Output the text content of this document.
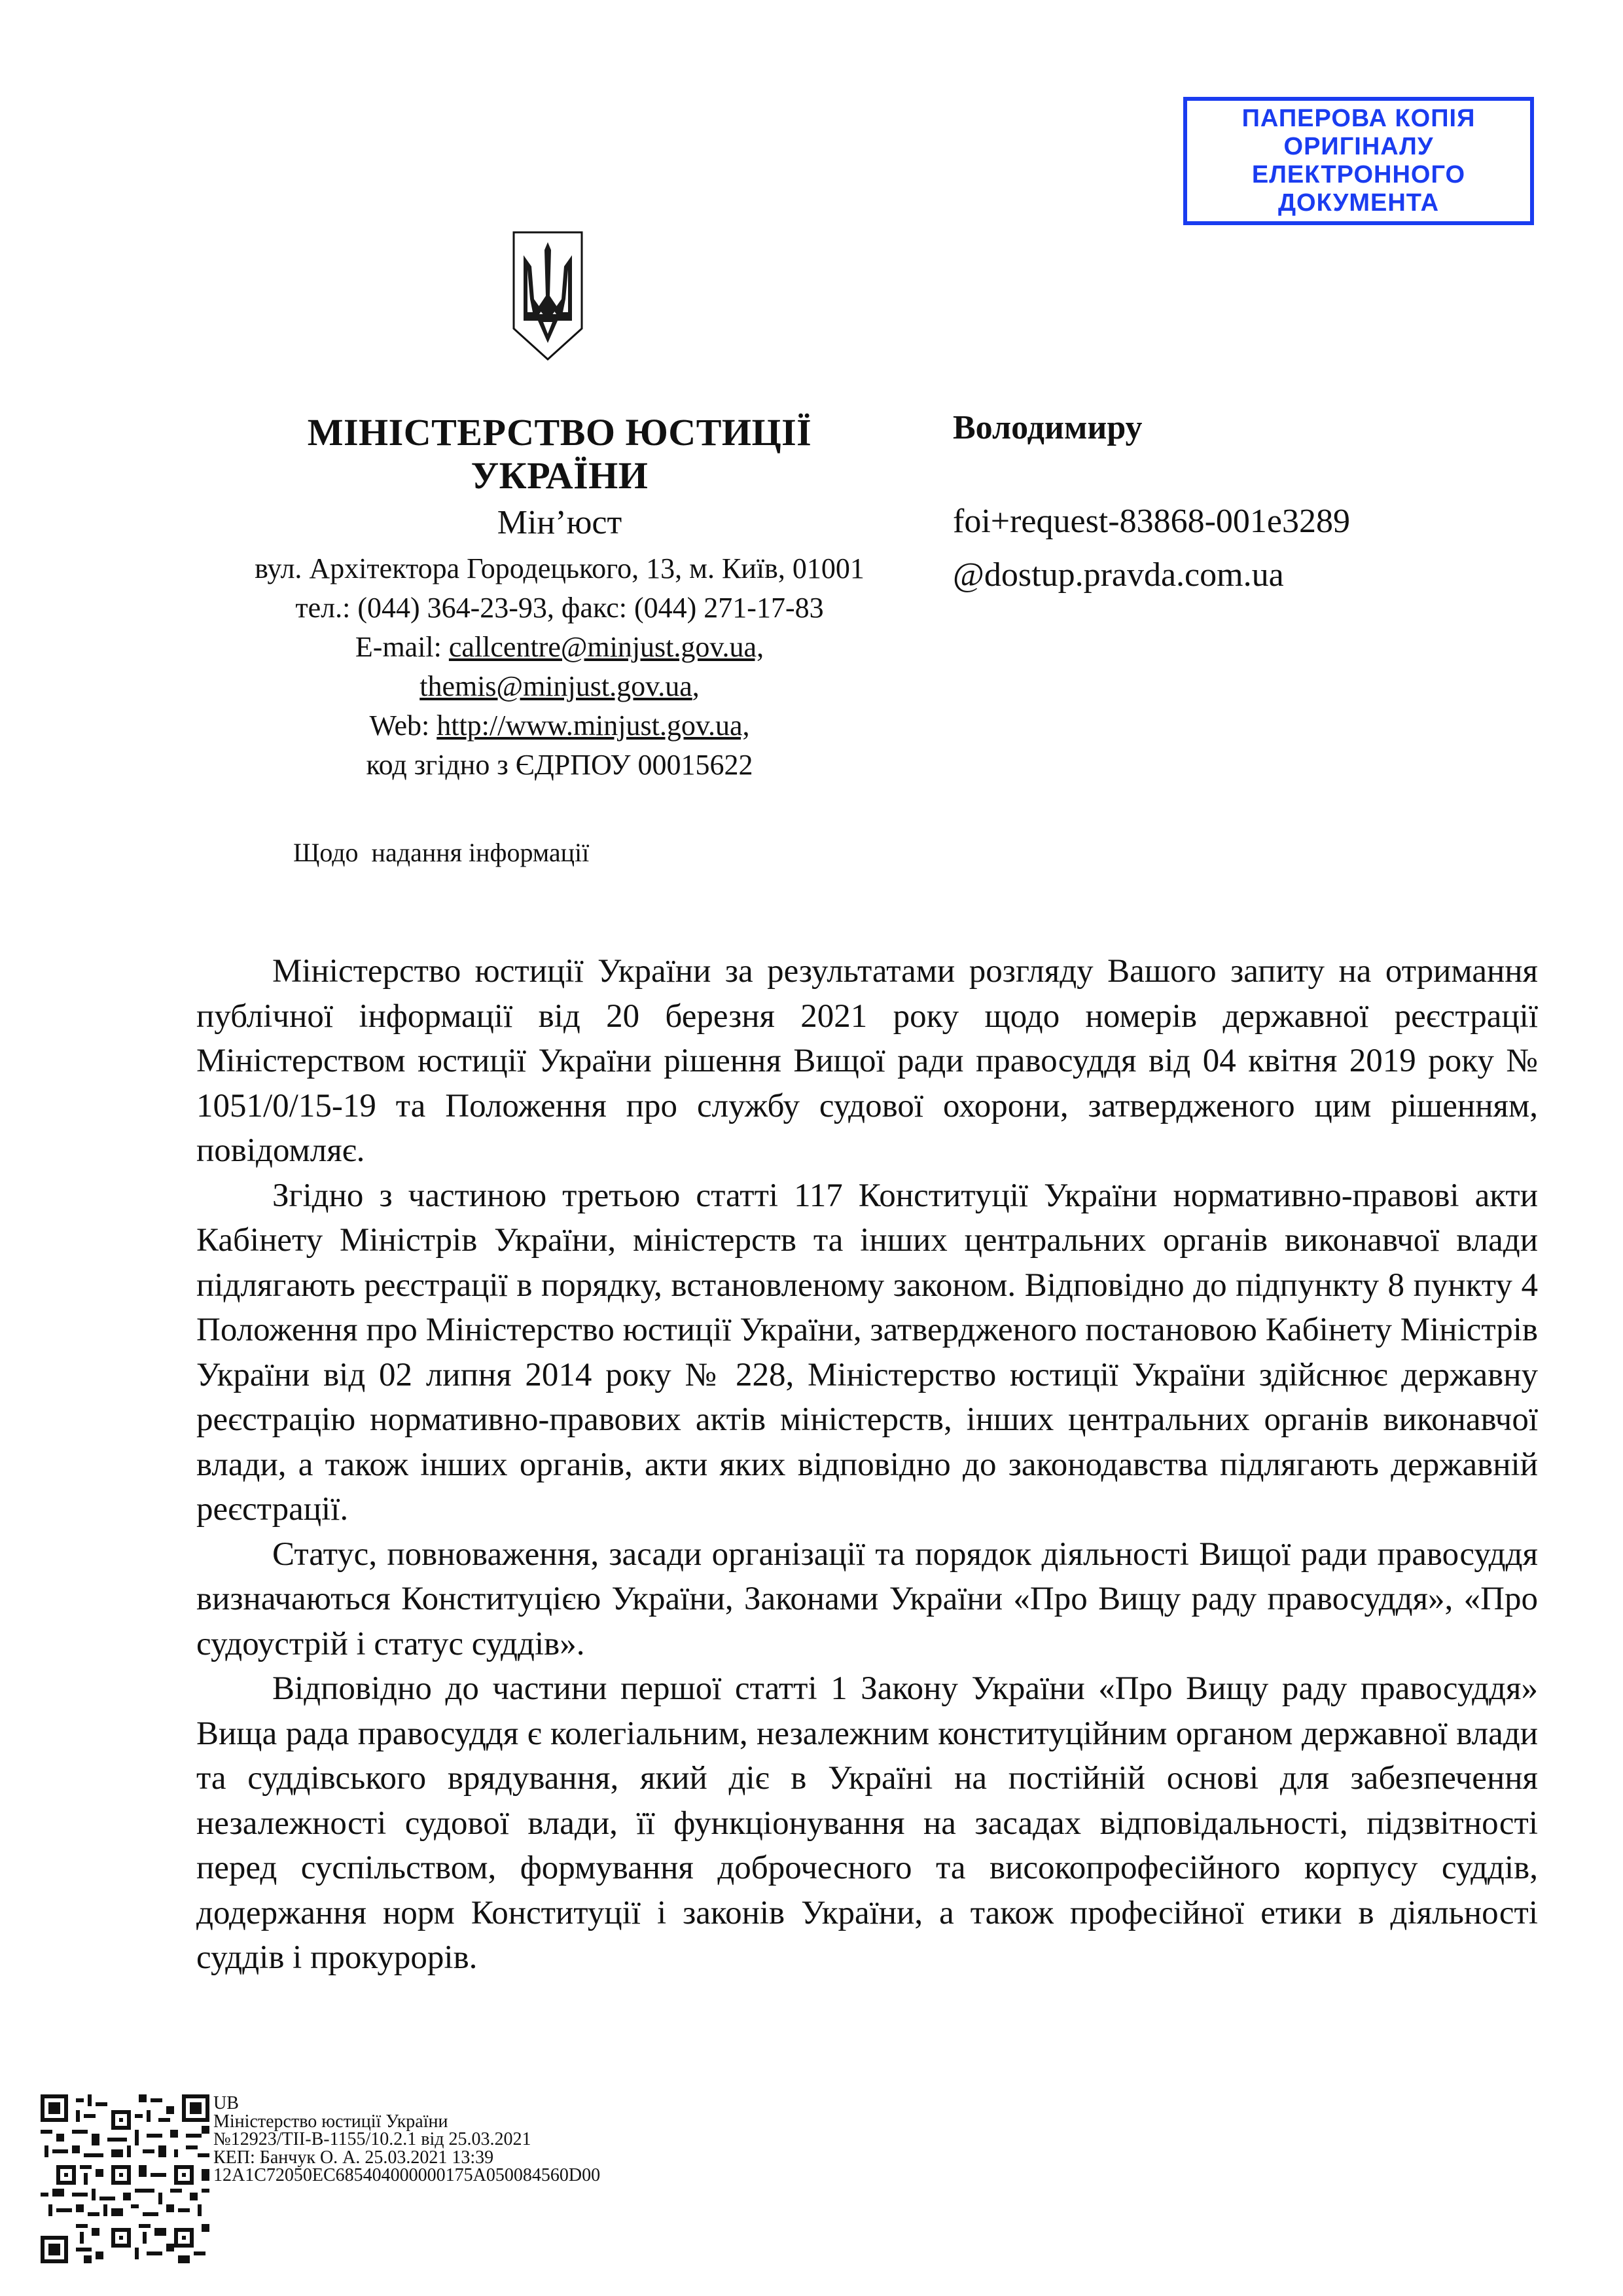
ПАПЕРОВА КОПІЯ
ОРИГІНАЛУ
ЕЛЕКТРОННОГО
ДОКУМЕНТА
МІНІСТЕРСТВО ЮСТИЦІЇ
УКРАЇНИ
Мін’юст
вул. Архітектора Городецького, 13, м. Київ, 01001
тел.: (044) 364-23-93, факс: (044) 271-17-83
E-mail: callcentre@minjust.gov.ua,
themis@minjust.gov.ua,
Web: http://www.minjust.gov.ua,
код згідно з ЄДРПОУ 00015622
Володимиру
foi+request-83868-001e3289
@dostup.pravda.com.ua
Щодо  надання інформації

Міністерство юстиції України за результатами розгляду Вашого запиту на отримання публічної інформації від 20 березня 2021 року щодо номерів державної реєстрації Міністерством юстиції України рішення Вищої ради правосуддя від 04 квітня 2019 року № 1051/0/15-19 та Положення про службу судової охорони, затвердженого цим рішенням, повідомляє.

Згідно з частиною третьою статті 117 Конституції України нормативно-правові акти Кабінету Міністрів України, міністерств та інших центральних органів виконавчої влади підлягають реєстрації в порядку, встановленому законом. Відповідно до підпункту 8 пункту 4 Положення про Міністерство юстиції України, затвердженого постановою Кабінету Міністрів України від 02 липня 2014 року № 228, Міністерство юстиції України здійснює державну реєстрацію нормативно-правових актів міністерств, інших центральних органів виконавчої влади, а також інших органів, акти яких відповідно до законодавства підлягають державній реєстрації.

Статус, повноваження, засади організації та порядок діяльності Вищої ради правосуддя визначаються Конституцією України, Законами України «Про Вищу раду правосуддя», «Про судоустрій і статус суддів».

Відповідно до частини першої статті 1 Закону України «Про Вищу раду правосуддя» Вища рада правосуддя є колегіальним, незалежним конституційним органом державної влади та суддівського врядування, який діє в Україні на постійній основі для забезпечення незалежності судової влади, її функціонування на засадах відповідальності, підзвітності перед суспільством, формування доброчесного та високопрофесійного корпусу суддів, додержання норм Конституції і законів України, а також професійної етики в діяльності суддів і прокурорів.

UB
Міністерство юстиції України
№12923/ТІІ-В-1155/10.2.1 від 25.03.2021
КЕП: Банчук О. А. 25.03.2021 13:39
12A1C72050EC685404000000175A050084560D00
